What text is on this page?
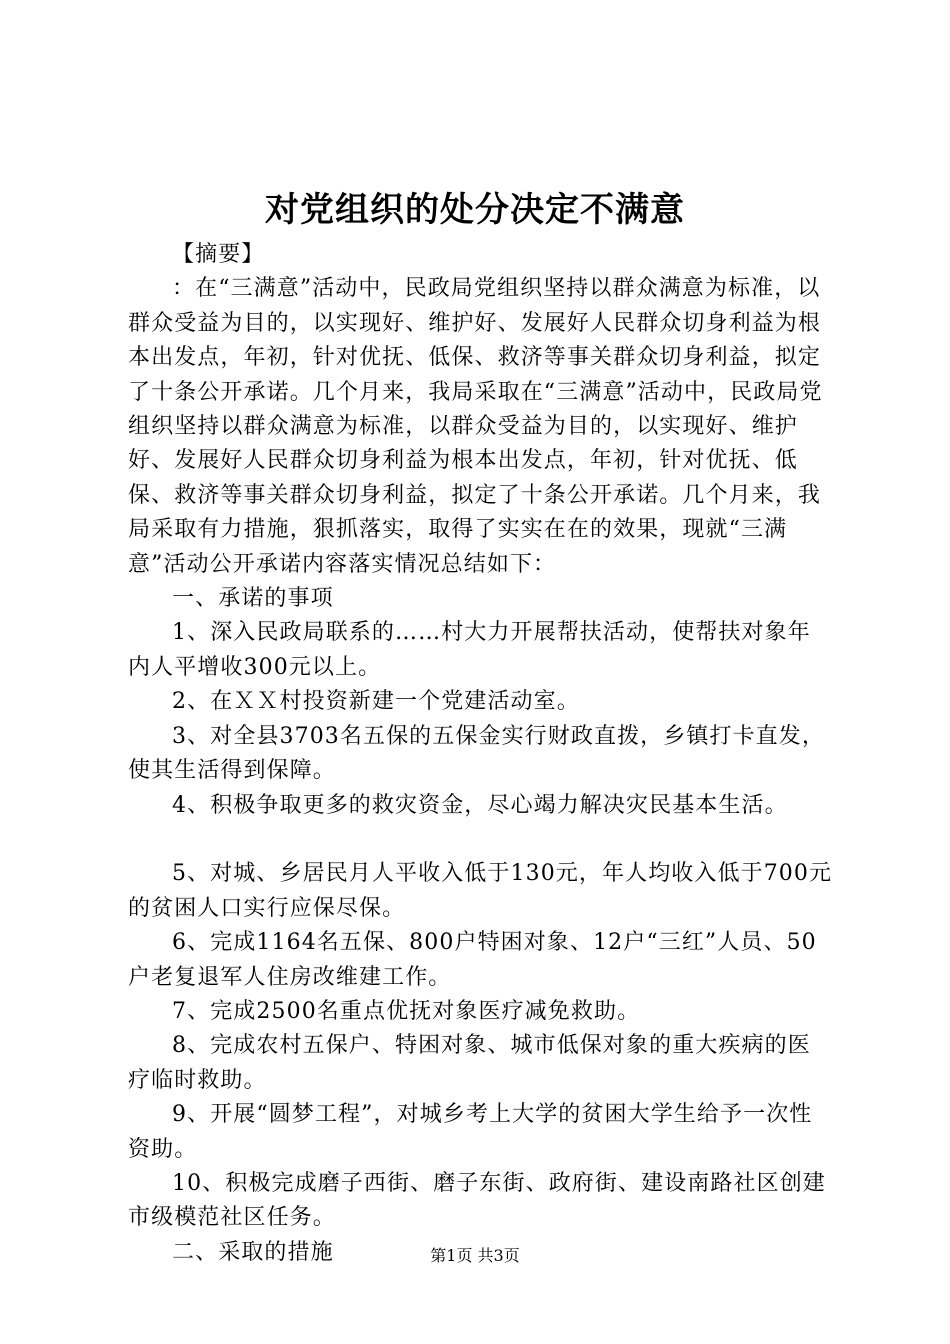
对党组织的处分决定不满意

【摘要】

：在“三满意”活动中，民政局党组织坚持以群众满意为标准，以群众受益为目的，以实现好、维护好、发展好人民群众切身利益为根本出发点，年初，针对优抚、低保、救济等事关群众切身利益，拟定了十条公开承诺。几个月来，我局采取在“三满意”活动中，民政局党组织坚持以群众满意为标准，以群众受益为目的，以实现好、维护好、发展好人民群众切身利益为根本出发点，年初，针对优抚、低保、救济等事关群众切身利益，拟定了十条公开承诺。几个月来，我局采取有力措施，狠抓落实，取得了实实在在的效果，现就“三满意”活动公开承诺内容落实情况总结如下：

一、承诺的事项

1、深入民政局联系的……村大力开展帮扶活动，使帮扶对象年内人平增收300元以上。

2、在ＸＸ村投资新建一个党建活动室。

3、对全县3703名五保的五保金实行财政直拨，乡镇打卡直发，使其生活得到保障。

4、积极争取更多的救灾资金，尽心竭力解决灾民基本生活。

5、对城、乡居民月人平收入低于130元，年人均收入低于700元的贫困人口实行应保尽保。

6、完成1164名五保、800户特困对象、12户“三红”人员、50户老复退军人住房改维建工作。

7、完成2500名重点优抚对象医疗减免救助。

8、完成农村五保户、特困对象、城市低保对象的重大疾病的医疗临时救助。

9、开展“圆梦工程”，对城乡考上大学的贫困大学生给予一次性资助。

10、积极完成磨子西街、磨子东街、政府街、建设南路社区创建市级模范社区任务。

二、采取的措施	第1页 共3页
